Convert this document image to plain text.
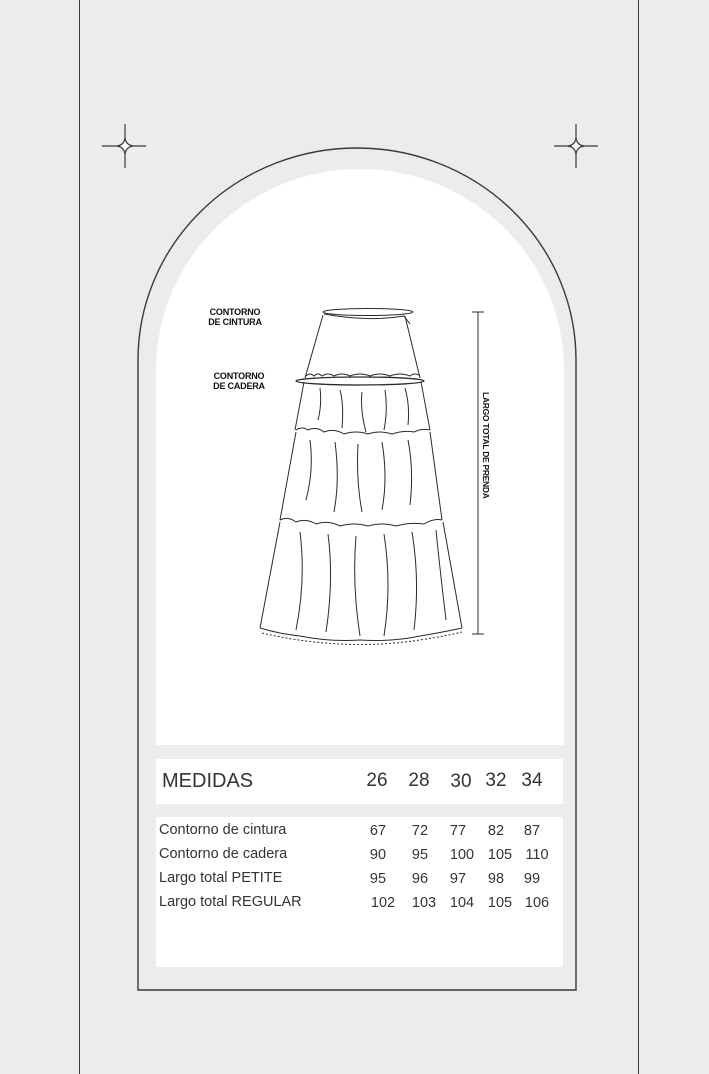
CONTORNO
DE CINTURA
CONTORNO
DE CADERA
LARGO TOTAL DE PRENDA
MEDIDAS	26	28	30 32 34
Contorno de cintura	67	72	77	82	87
Contorno de cadera	90	95	100 105 110
Largo total PETITE	95	96	97	98	99
Largo total REGULAR	102	103 104 105 106
